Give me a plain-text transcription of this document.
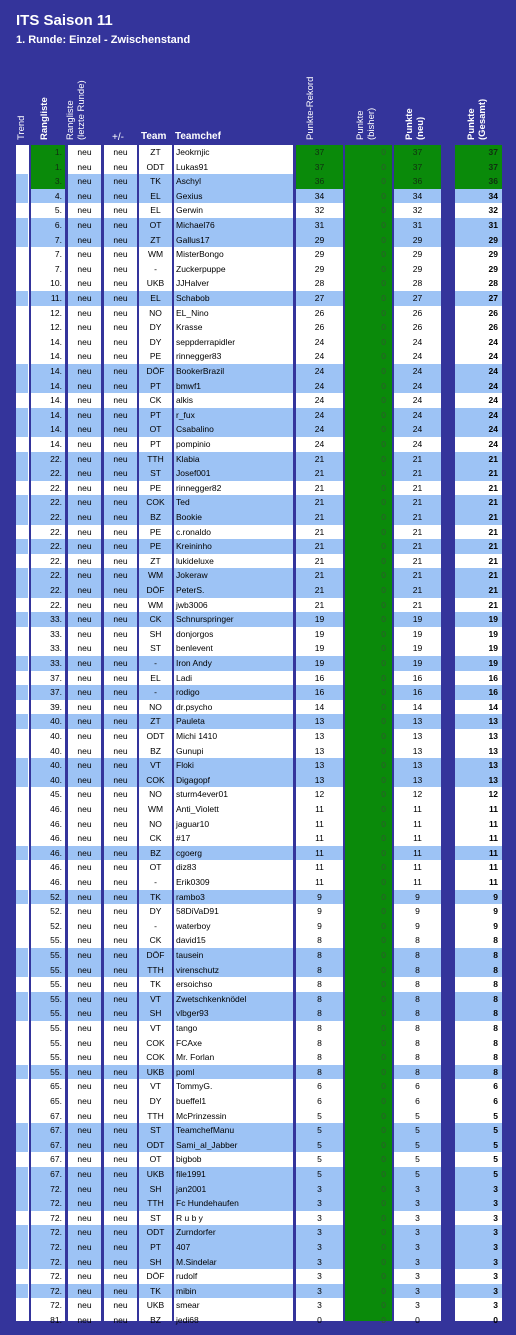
ITS Saison 11
1. Runde: Einzel - Zwischenstand
Trend Rangliste Rangliste (letzte Runde)	+/- Team Teamchef	Punkte-Rekord	Punkte (bisher)	Punkte (neu)	Punkte (Gesamt)
1.	neu	neu	ZT	Jeokrnjic	37	0	37	37
1.	neu	neu	ODT	Lukas91	37	0	37	37
3.	neu	neu	TK	Aschyl	36	0	36	36
4.	neu	neu	EL	Gexius	34	0	34	34
5.	neu	neu	EL	Gerwin	32	0	32	32
6.	neu	neu	OT	Michael76	31	0	31	31
7.	neu	neu	ZT	Gallus17	29	0	29	29
7.	neu	neu	WM	MisterBongo	29	0	29	29
7.	neu	neu	-	Zuckerpuppe	29	0	29	29
10.	neu	neu	UKB	JJHalver	28	0	28	28
11.	neu	neu	EL	Schabob	27	0	27	27
12.	neu	neu	NO	EL_Nino	26	0	26	26
12.	neu	neu	DY	Krasse	26	0	26	26
14.	neu	neu	DY	seppderrapidler	24	0	24	24
14.	neu	neu	PE	rinnegger83	24	0	24	24
14.	neu	neu	DÖF	BookerBrazil	24	0	24	24
14.	neu	neu	PT	bmwf1	24	0	24	24
14.	neu	neu	CK	alkis	24	0	24	24
14.	neu	neu	PT	r_fux	24	0	24	24
14.	neu	neu	OT	Csabalino	24	0	24	24
14.	neu	neu	PT	pompinio	24	0	24	24
22.	neu	neu	TTH	Klabia	21	0	21	21
22.	neu	neu	ST	Josef001	21	0	21	21
22.	neu	neu	PE	rinnegger82	21	0	21	21
22.	neu	neu	COK	Ted	21	0	21	21
22.	neu	neu	BZ	Bookie	21	0	21	21
22.	neu	neu	PE	c.ronaldo	21	0	21	21
22.	neu	neu	PE	Kreininho	21	0	21	21
22.	neu	neu	ZT	lukideluxe	21	0	21	21
22.	neu	neu	WM	Jokeraw	21	0	21	21
22.	neu	neu	DÖF	PeterS.	21	0	21	21
22.	neu	neu	WM	jwb3006	21	0	21	21
33.	neu	neu	CK	Schnurspringer	19	0	19	19
33.	neu	neu	SH	donjorgos	19	0	19	19
33.	neu	neu	ST	benlevent	19	0	19	19
33.	neu	neu	-	Iron Andy	19	0	19	19
37.	neu	neu	EL	Ladi	16	0	16	16
37.	neu	neu	-	rodigo	16	0	16	16
39.	neu	neu	NO	dr.psycho	14	0	14	14
40.	neu	neu	ZT	Pauleta	13	0	13	13
40.	neu	neu	ODT	Michi 1410	13	0	13	13
40.	neu	neu	BZ	Gunupi	13	0	13	13
40.	neu	neu	VT	Floki	13	0	13	13
40.	neu	neu	COK	Digagopf	13	0	13	13
45.	neu	neu	NO	sturm4ever01	12	0	12	12
46.	neu	neu	WM	Anti_Violett	11	0	11	11
46.	neu	neu	NO	jaguar10	11	0	11	11
46.	neu	neu	CK	#17	11	0	11	11
46.	neu	neu	BZ	cgoerg	11	0	11	11
46.	neu	neu	OT	diz83	11	0	11	11
46.	neu	neu	-	Erik0309	11	0	11	11
52.	neu	neu	TK	rambo3	9	0	9	9
52.	neu	neu	DY	58DiVaD91	9	0	9	9
52.	neu	neu	-	waterboy	9	0	9	9
55.	neu	neu	CK	david15	8	0	8	8
55.	neu	neu	DÖF	tausein	8	0	8	8
55.	neu	neu	TTH	virenschutz	8	0	8	8
55.	neu	neu	TK	ersoichso	8	0	8	8
55.	neu	neu	VT	Zwetschkenknödel	8	0	8	8
55.	neu	neu	SH	vlbger93	8	0	8	8
55.	neu	neu	VT	tango	8	0	8	8
55.	neu	neu	COK	FCAxe	8	0	8	8
55.	neu	neu	COK	Mr. Forlan	8	0	8	8
55.	neu	neu	UKB	poml	8	0	8	8
65.	neu	neu	VT	TommyG.	6	0	6	6
65.	neu	neu	DY	bueffel1	6	0	6	6
67.	neu	neu	TTH	McPrinzessin	5	0	5	5
67.	neu	neu	ST	TeamchefManu	5	0	5	5
67.	neu	neu	ODT	Sami_al_Jabber	5	0	5	5
67.	neu	neu	OT	bigbob	5	0	5	5
67.	neu	neu	UKB	file1991	5	0	5	5
72.	neu	neu	SH	jan2001	3	0	3	3
72.	neu	neu	TTH	Fc Hundehaufen	3	0	3	3
72.	neu	neu	ST	R u b y	3	0	3	3
72.	neu	neu	ODT	Zurndorfer	3	0	3	3
72.	neu	neu	PT	407	3	0	3	3
72.	neu	neu	SH	M.Sindelar	3	0	3	3
72.	neu	neu	DÖF	rudolf	3	0	3	3
72.	neu	neu	TK	mibin	3	0	3	3
72.	neu	neu	UKB	smear	3	0	3	3
81.	neu	neu	BZ	jedi68	0	0	0	0
